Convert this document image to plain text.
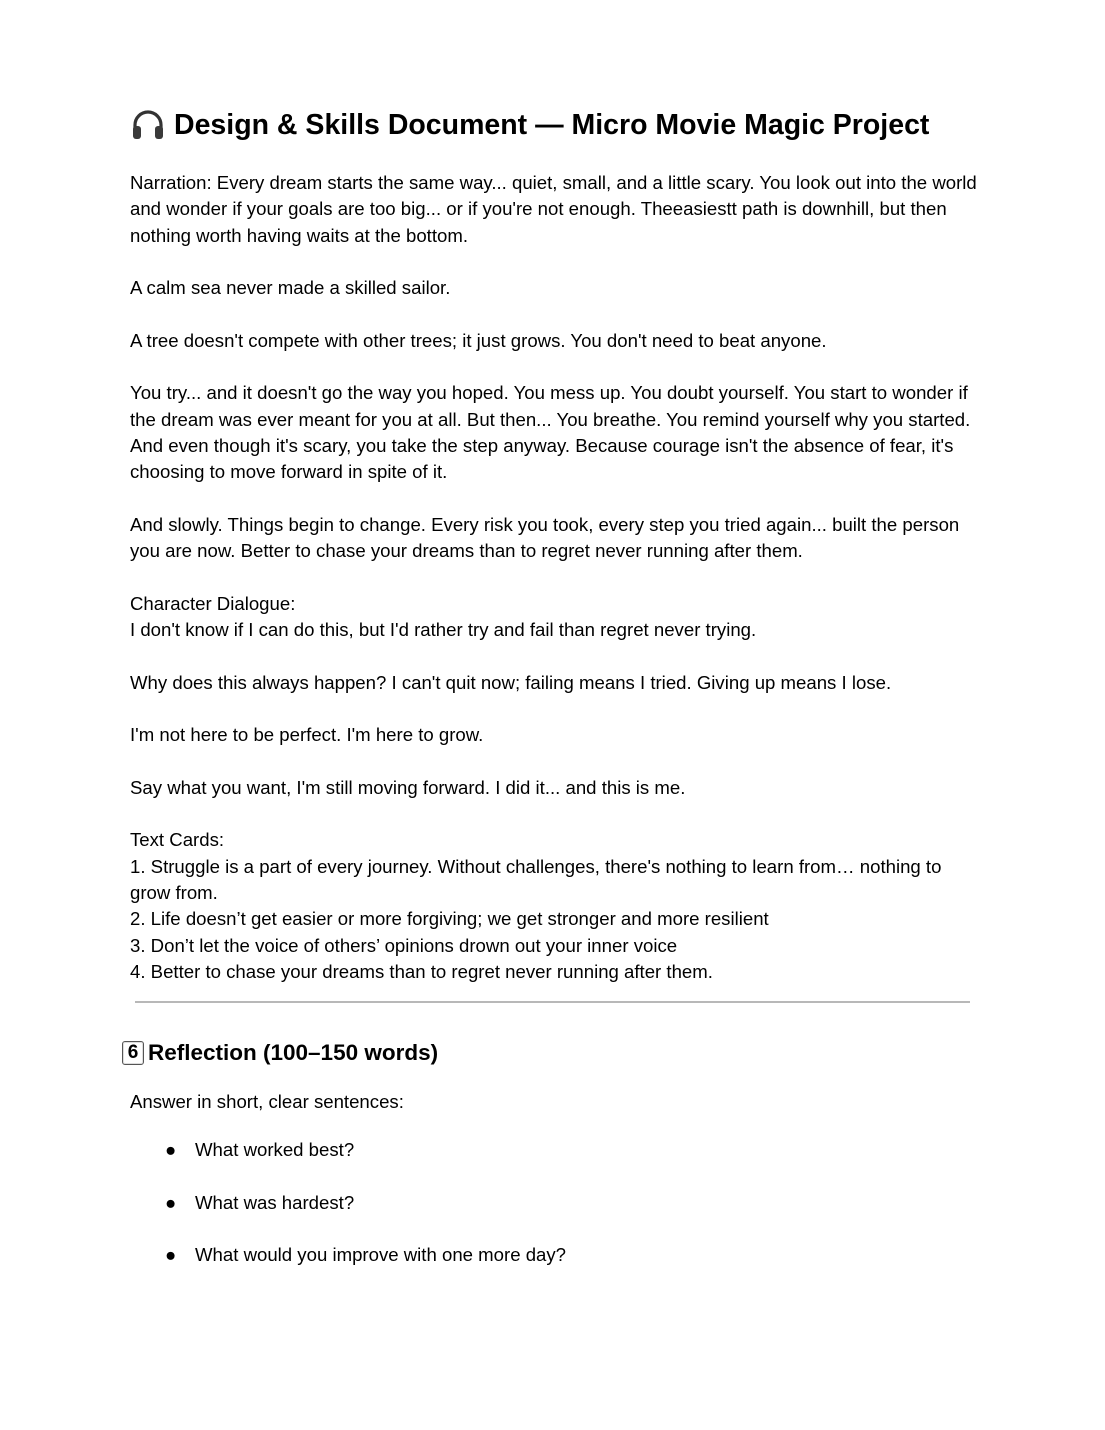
Design & Skills Document — Micro Movie Magic Project

Narration: Every dream starts the same way... quiet, small, and a little scary. You look out into the world and wonder if your goals are too big... or if you're not enough. Theeasiestt path is downhill, but then nothing worth having waits at the bottom.

A calm sea never made a skilled sailor.

A tree doesn't compete with other trees; it just grows. You don't need to beat anyone.

You try... and it doesn't go the way you hoped. You mess up. You doubt yourself. You start to wonder if the dream was ever meant for you at all. But then... You breathe. You remind yourself why you started. And even though it's scary, you take the step anyway. Because courage isn't the absence of fear, it's choosing to move forward in spite of it.

And slowly. Things begin to change. Every risk you took, every step you tried again... built the person you are now. Better to chase your dreams than to regret never running after them.

Character Dialogue:
I don't know if I can do this, but I'd rather try and fail than regret never trying.

Why does this always happen? I can't quit now; failing means I tried. Giving up means I lose.

I'm not here to be perfect. I'm here to grow.

Say what you want, I'm still moving forward. I did it... and this is me.

Text Cards:
1. Struggle is a part of every journey. Without challenges, there's nothing to learn from… nothing to grow from.
2. Life doesn’t get easier or more forgiving; we get stronger and more resilient
3. Don’t let the voice of others’ opinions drown out your inner voice
4. Better to chase your dreams than to regret never running after them.
6 Reflection (100–150 words)

Answer in short, clear sentences:

● What worked best?
● What was hardest?
● What would you improve with one more day?
